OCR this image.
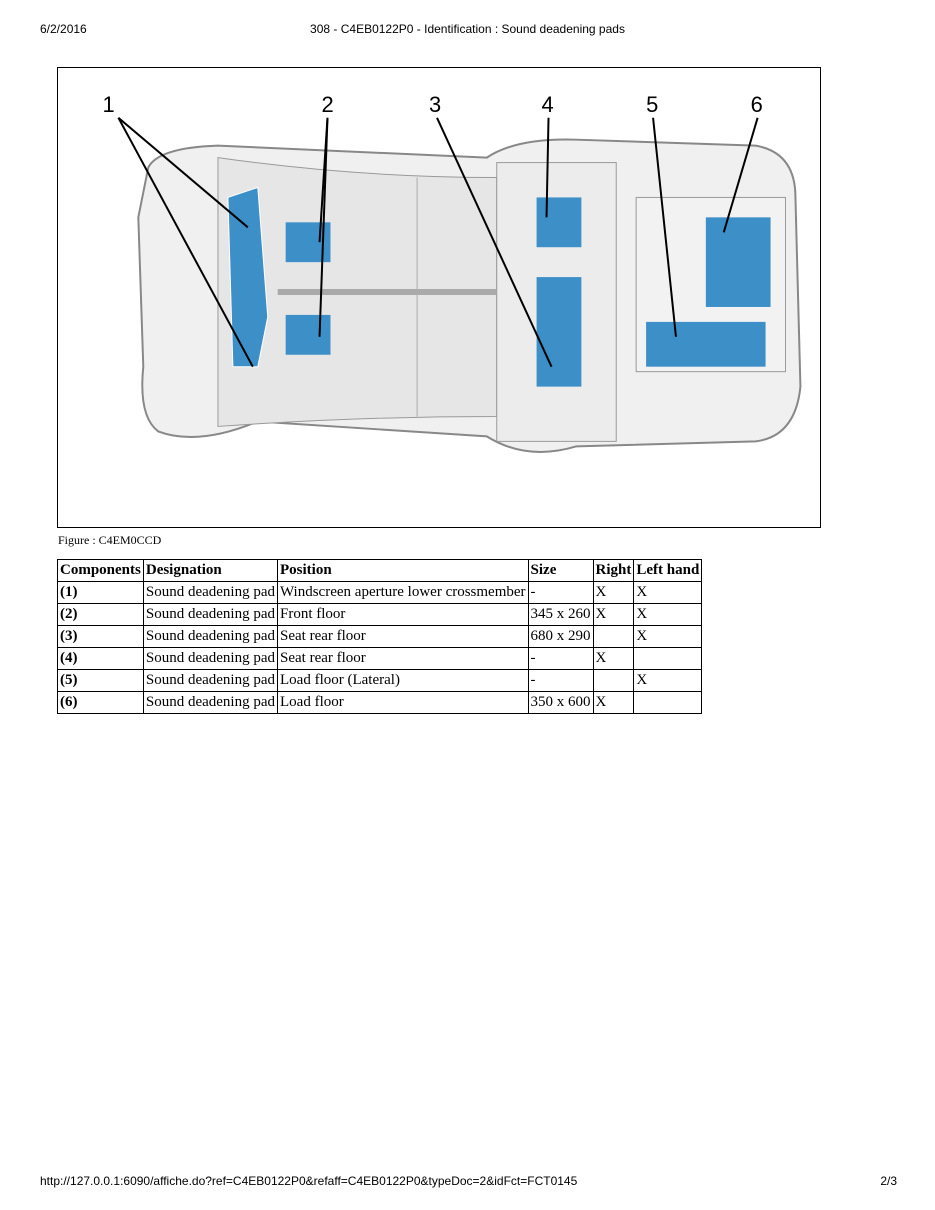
6/2/2016	308 - C4EB0122P0 - Identification : Sound deadening pads
1	2	3	4	5	6
Figure : C4EM0CCD
Components	Designation	Position	Size	Right	Left hand
(1)	Sound deadening pad	Windscreen aperture lower crossmember	-	X	X
(2)	Sound deadening pad	Front floor	345 x 260	X	X
(3)	Sound deadening pad	Seat rear floor	680 x 290		X
(4)	Sound deadening pad	Seat rear floor	-	X	
(5)	Sound deadening pad	Load floor (Lateral)	-		X
(6)	Sound deadening pad	Load floor	350 x 600	X	
http://127.0.0.1:6090/affiche.do?ref=C4EB0122P0&refaff=C4EB0122P0&typeDoc=2&idFct=FCT0145	2/3
